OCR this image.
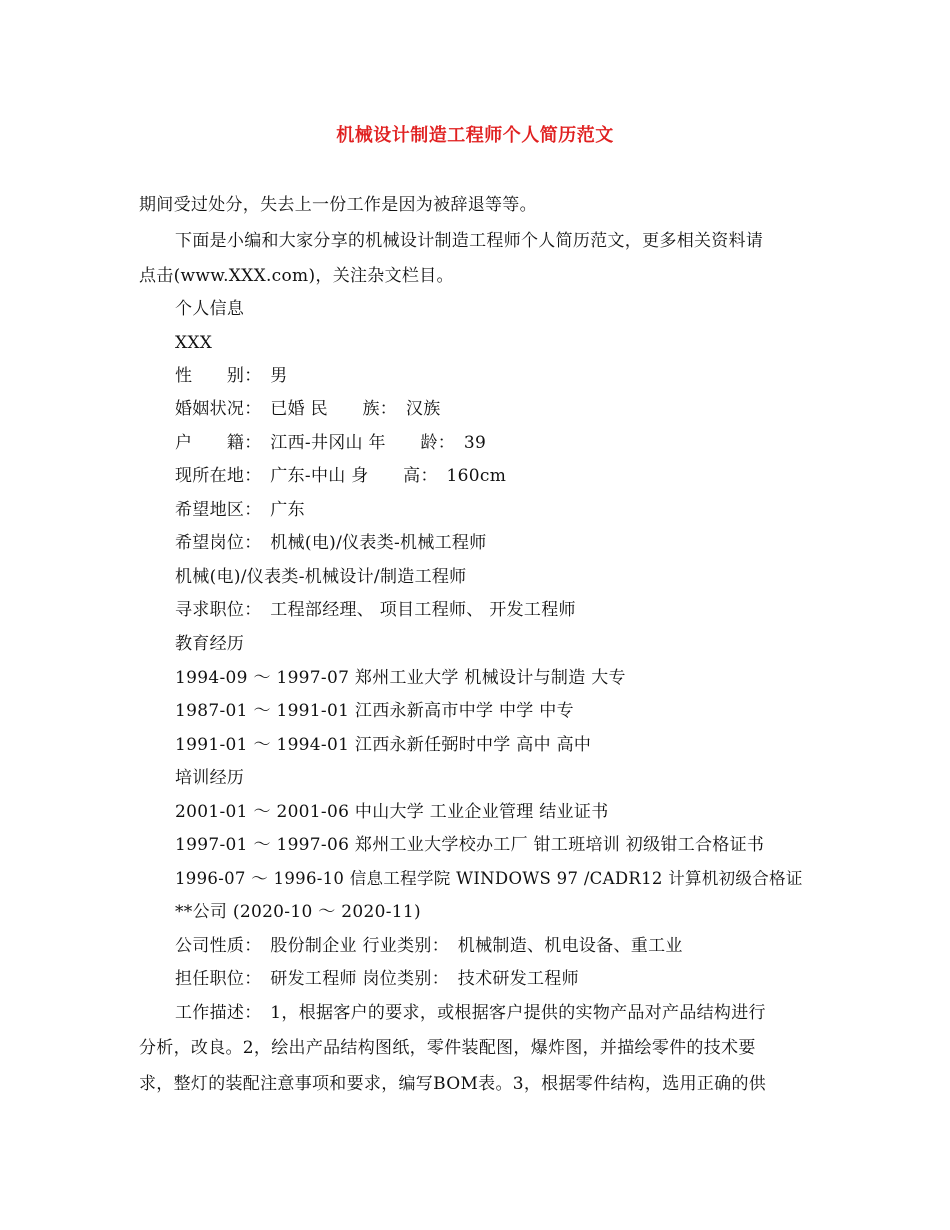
机械设计制造工程师个人简历范文
期间受过处分，失去上一份工作是因为被辞退等等。
下面是小编和大家分享的机械设计制造工程师个人简历范文，更多相关资料请
点击(www.XXX.com)，关注杂文栏目。
个人信息
XXX
性　　别：　男
婚姻状况：　已婚 民　　族：　汉族
户　　籍：　江西-井冈山 年　　龄：　39
现所在地：　广东-中山 身　　高：　160cm
希望地区：　广东
希望岗位：　机械(电)/仪表类-机械工程师
机械(电)/仪表类-机械设计/制造工程师
寻求职位：　工程部经理、 项目工程师、 开发工程师
教育经历
1994-09 ～ 1997-07 郑州工业大学 机械设计与制造 大专
1987-01 ～ 1991-01 江西永新高市中学 中学 中专
1991-01 ～ 1994-01 江西永新任弼时中学 高中 高中
培训经历
2001-01 ～ 2001-06 中山大学 工业企业管理 结业证书
1997-01 ～ 1997-06 郑州工业大学校办工厂 钳工班培训 初级钳工合格证书
1996-07 ～ 1996-10 信息工程学院 WINDOWS 97 /CADR12 计算机初级合格证
**公司 (2020-10 ～ 2020-11)
公司性质：　股份制企业 行业类别：　机械制造、机电设备、重工业
担任职位：　研发工程师 岗位类别：　技术研发工程师
工作描述：　1，根据客户的要求，或根据客户提供的实物产品对产品结构进行
分析，改良。2，绘出产品结构图纸，零件装配图，爆炸图，并描绘零件的技术要
求，整灯的装配注意事项和要求，编写BOM表。3，根据零件结构，选用正确的供
